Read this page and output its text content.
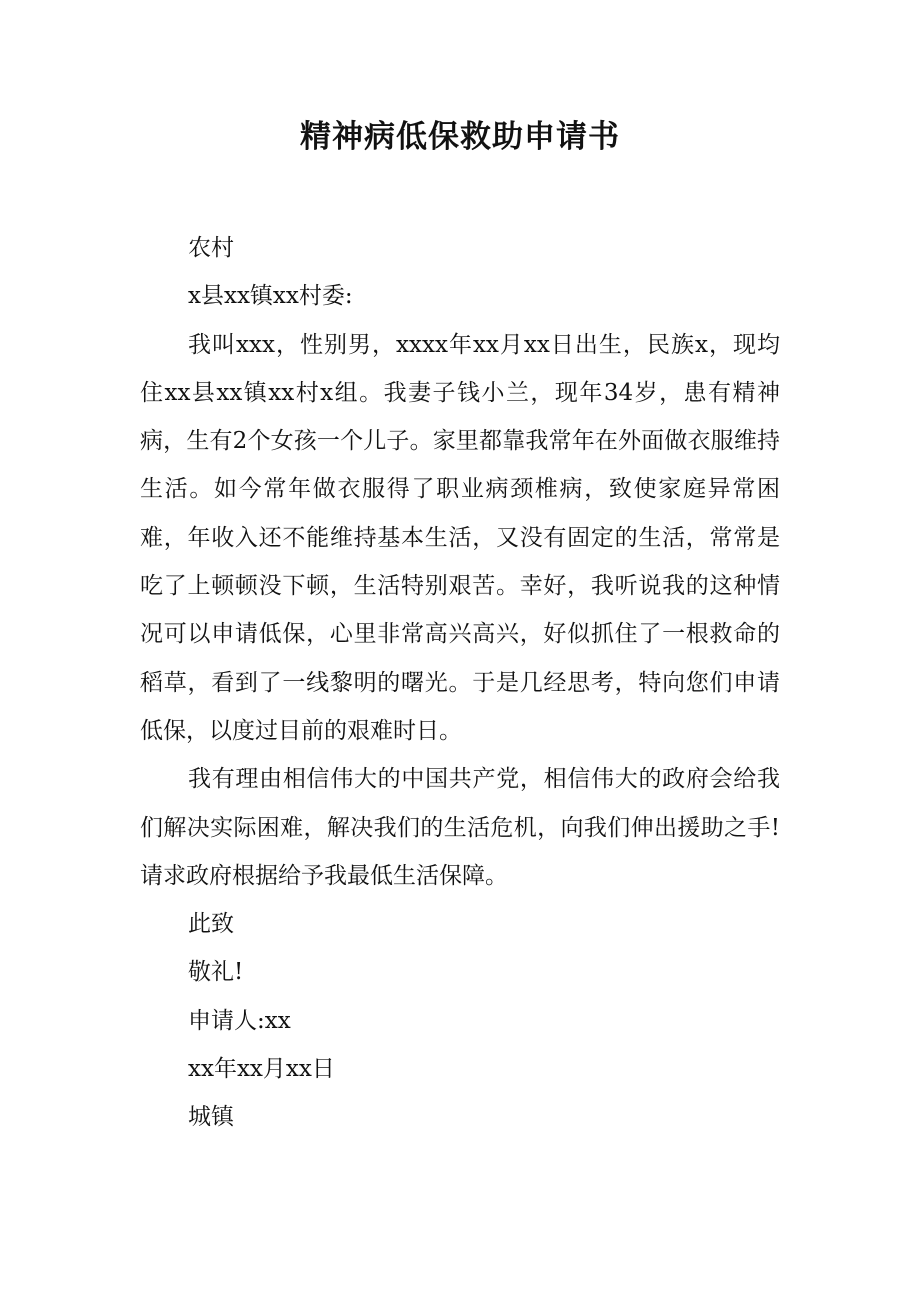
精神病低保救助申请书

农村

x县xx镇xx村委:

我叫xxx，性别男，xxxx年xx月xx日出生，民族x，现均住xx县xx镇xx村x组。我妻子钱小兰，现年34岁，患有精神病，生有2个女孩一个儿子。家里都靠我常年在外面做衣服维持生活。如今常年做衣服得了职业病颈椎病，致使家庭异常困难，年收入还不能维持基本生活，又没有固定的生活，常常是吃了上顿顿没下顿，生活特别艰苦。幸好，我听说我的这种情况可以申请低保，心里非常高兴高兴，好似抓住了一根救命的稻草，看到了一线黎明的曙光。于是几经思考，特向您们申请低保，以度过目前的艰难时日。

我有理由相信伟大的中国共产党，相信伟大的政府会给我们解决实际困难，解决我们的生活危机，向我们伸出援助之手!请求政府根据给予我最低生活保障。

此致

敬礼!

申请人:xx

xx年xx月xx日

城镇
